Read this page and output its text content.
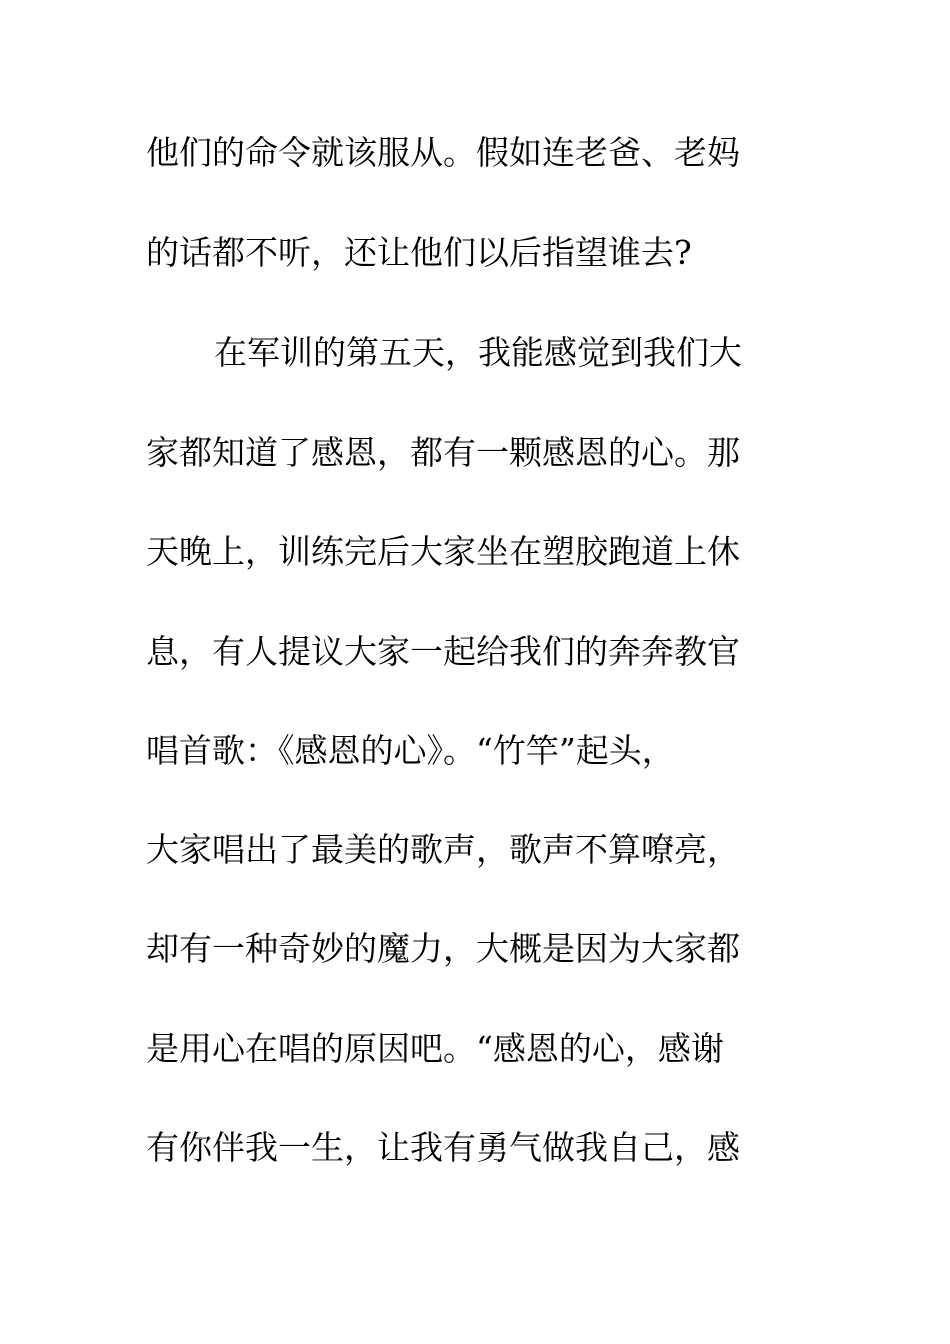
他们的命令就该服从。假如连老爸、老妈
的话都不听，还让他们以后指望谁去?
在军训的第五天，我能感觉到我们大
家都知道了感恩，都有一颗感恩的心。那
天晚上，训练完后大家坐在塑胶跑道上休
息，有人提议大家一起给我们的奔奔教官
唱首歌：《感恩的心》。“竹竿”起头，
大家唱出了最美的歌声，歌声不算嘹亮，
却有一种奇妙的魔力，大概是因为大家都
是用心在唱的原因吧。“感恩的心，感谢
有你伴我一生，让我有勇气做我自己，感
